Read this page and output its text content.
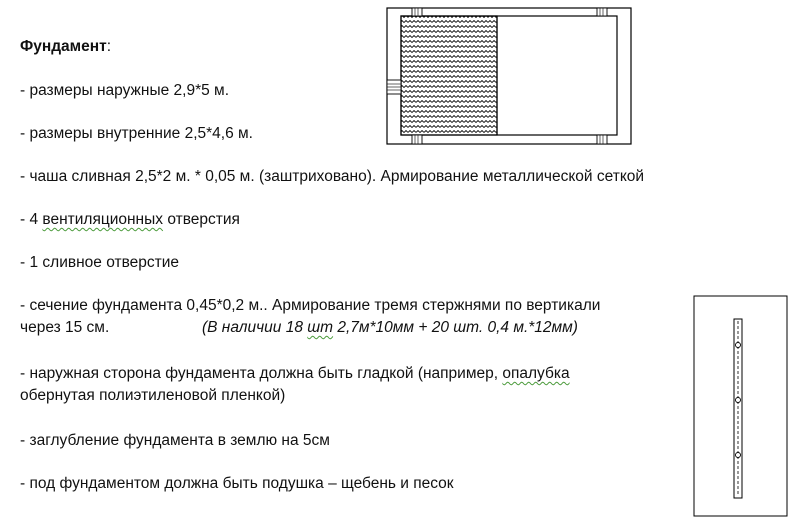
Фундамент:

- размеры наружные 2,9*5 м.

- размеры внутренние 2,5*4,6 м.

- чаша сливная 2,5*2 м. * 0,05 м. (заштриховано). Армирование металлической сеткой

- 4 вентиляционных отверстия

- 1 сливное отверстие

- сечение фундамента 0,45*0,2 м.. Армирование тремя стержнями по вертикали

через 15 см.	(В наличии 18 шт 2,7м*10мм + 20 шт. 0,4 м.*12мм)

- наружная сторона фундамента должна быть гладкой (например, опалубка

обернутая полиэтиленовой пленкой)

- заглубление фундамента в землю на 5см

- под фундаментом должна быть подушка – щебень и песок
